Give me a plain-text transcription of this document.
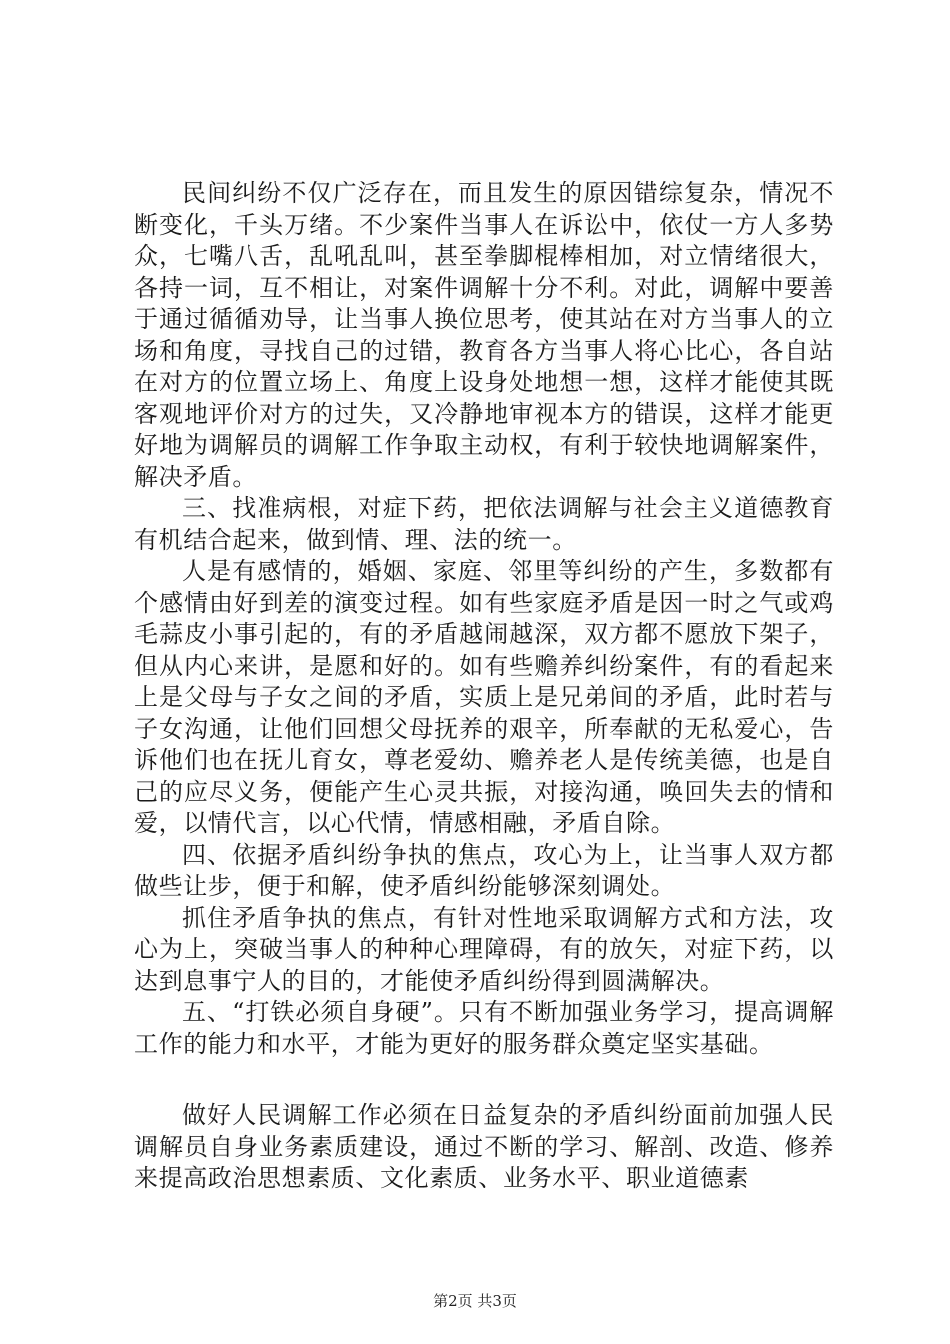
民间纠纷不仅广泛存在，而且发生的原因错综复杂，情况不断变化，千头万绪。不少案件当事人在诉讼中，依仗一方人多势众，七嘴八舌，乱吼乱叫，甚至拳脚棍棒相加，对立情绪很大，各持一词，互不相让，对案件调解十分不利。对此，调解中要善于通过循循劝导，让当事人换位思考，使其站在对方当事人的立场和角度，寻找自己的过错，教育各方当事人将心比心，各自站在对方的位置立场上、角度上设身处地想一想，这样才能使其既客观地评价对方的过失，又冷静地审视本方的错误，这样才能更好地为调解员的调解工作争取主动权，有利于较快地调解案件，解决矛盾。

三、找准病根，对症下药，把依法调解与社会主义道德教育有机结合起来，做到情、理、法的统一。

人是有感情的，婚姻、家庭、邻里等纠纷的产生，多数都有个感情由好到差的演变过程。如有些家庭矛盾是因一时之气或鸡毛蒜皮小事引起的，有的矛盾越闹越深，双方都不愿放下架子，但从内心来讲，是愿和好的。如有些赡养纠纷案件，有的看起来上是父母与子女之间的矛盾，实质上是兄弟间的矛盾，此时若与子女沟通，让他们回想父母抚养的艰辛，所奉献的无私爱心，告诉他们也在抚儿育女，尊老爱幼、赡养老人是传统美德，也是自己的应尽义务，便能产生心灵共振，对接沟通，唤回失去的情和爱，以情代言，以心代情，情感相融，矛盾自除。

四、依据矛盾纠纷争执的焦点，攻心为上，让当事人双方都做些让步，便于和解，使矛盾纠纷能够深刻调处。

抓住矛盾争执的焦点，有针对性地采取调解方式和方法，攻心为上，突破当事人的种种心理障碍，有的放矢，对症下药，以达到息事宁人的目的，才能使矛盾纠纷得到圆满解决。

五、“打铁必须自身硬”。只有不断加强业务学习，提高调解工作的能力和水平，才能为更好的服务群众奠定坚实基础。

做好人民调解工作必须在日益复杂的矛盾纠纷面前加强人民调解员自身业务素质建设，通过不断的学习、解剖、改造、修养来提高政治思想素质、文化素质、业务水平、职业道德素

第2页 共3页
